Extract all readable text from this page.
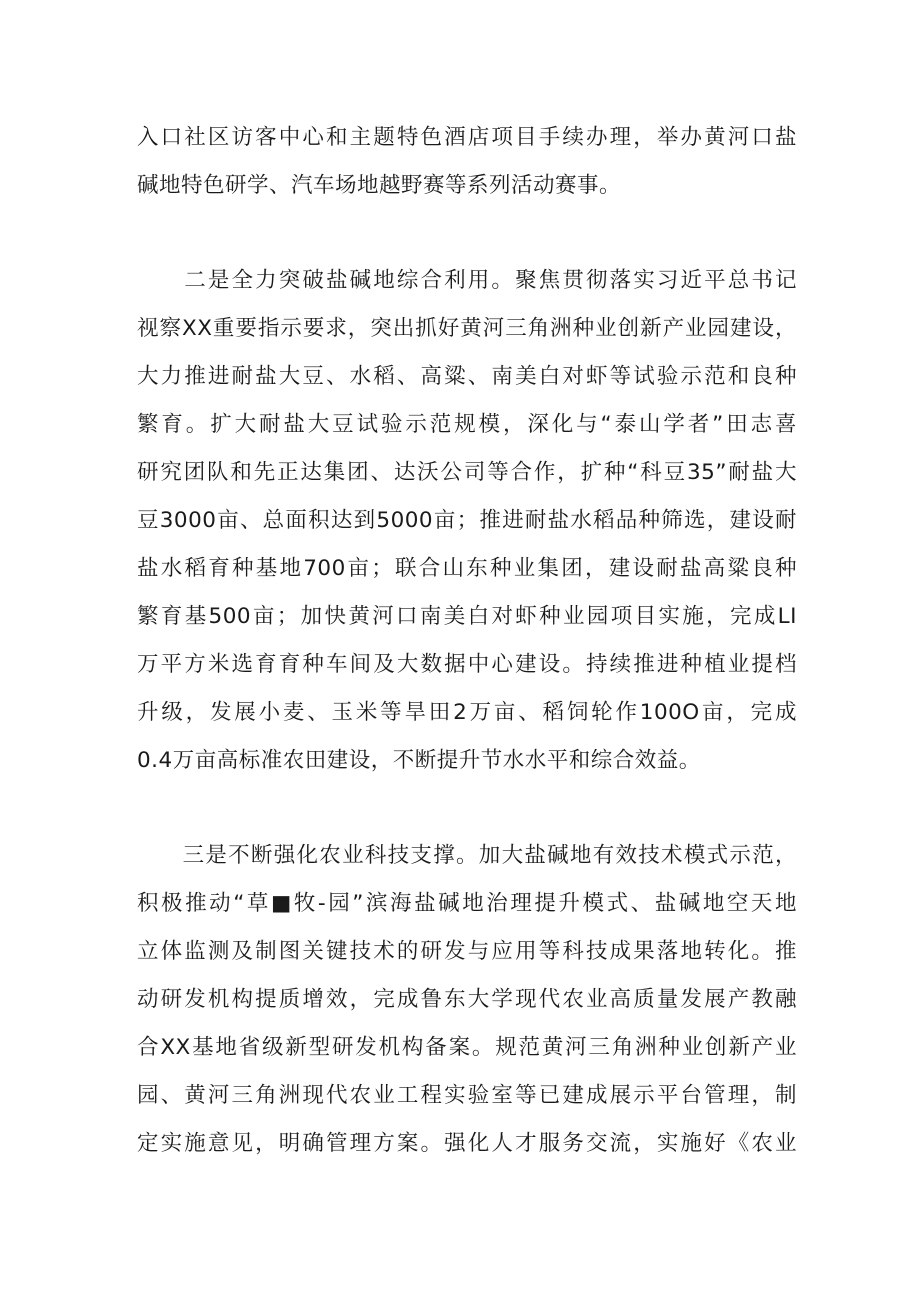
入口社区访客中心和主题特色酒店项目手续办理，举办黄河口盐
碱地特色研学、汽车场地越野赛等系列活动赛事。
　　二是全力突破盐碱地综合利用。聚焦贯彻落实习近平总书记
视察XX重要指示要求，突出抓好黄河三角洲种业创新产业园建设，
大力推进耐盐大豆、水稻、高粱、南美白对虾等试验示范和良种
繁育。扩大耐盐大豆试验示范规模，深化与“泰山学者”田志喜
研究团队和先正达集团、达沃公司等合作，扩种“科豆35”耐盐大
豆3000亩、总面积达到5000亩；推进耐盐水稻品种筛选，建设耐
盐水稻育种基地700亩；联合山东种业集团，建设耐盐高粱良种
繁育基500亩；加快黄河口南美白对虾种业园项目实施，完成LI
万平方米选育育种车间及大数据中心建设。持续推进种植业提档
升级，发展小麦、玉米等旱田2万亩、稻饲轮作100O亩，完成
0.4万亩高标准农田建设，不断提升节水水平和综合效益。
　　三是不断强化农业科技支撑。加大盐碱地有效技术模式示范，
积极推动“草■牧-园”滨海盐碱地治理提升模式、盐碱地空天地
立体监测及制图关键技术的研发与应用等科技成果落地转化。推
动研发机构提质增效，完成鲁东大学现代农业高质量发展产教融
合XX基地省级新型研发机构备案。规范黄河三角洲种业创新产业
园、黄河三角洲现代农业工程实验室等已建成展示平台管理，制
定实施意见，明确管理方案。强化人才服务交流，实施好《农业
